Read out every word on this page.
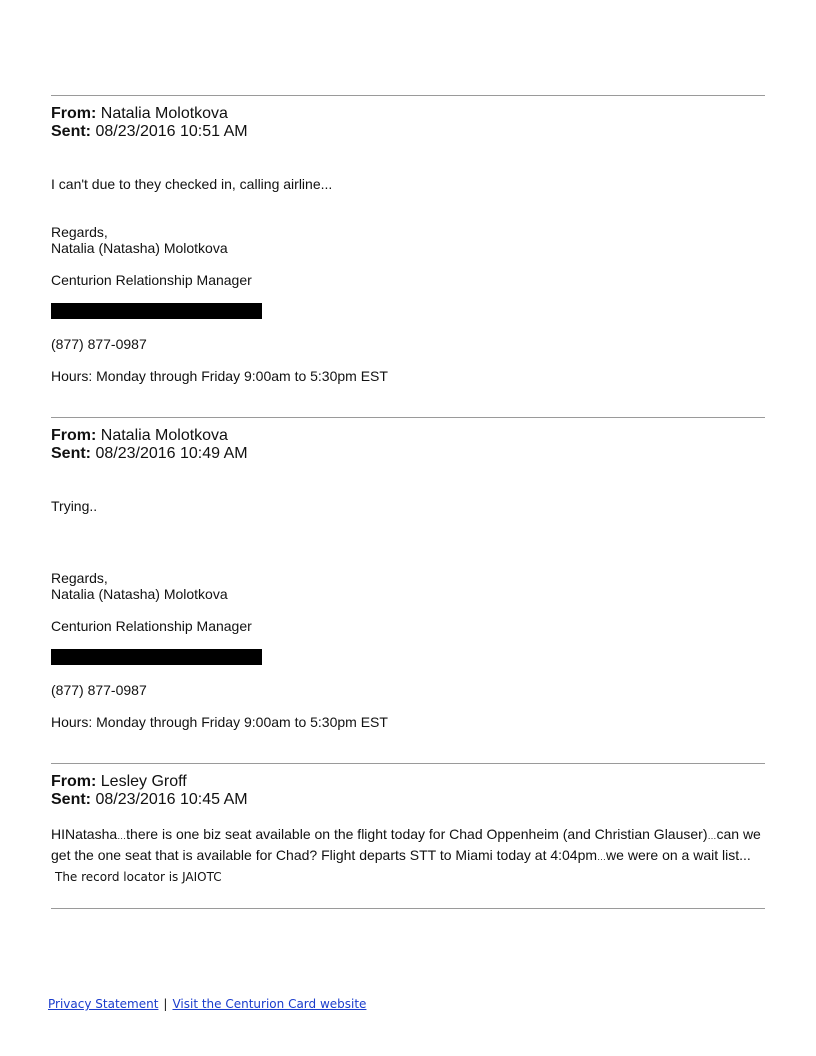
From: Natalia Molotkova
Sent: 08/23/2016 10:51 AM
I can't due to they checked in, calling airline...
Regards,
Natalia (Natasha) Molotkova
Centurion Relationship Manager
(877) 877-0987
Hours: Monday through Friday 9:00am to 5:30pm EST
From: Natalia Molotkova
Sent: 08/23/2016 10:49 AM
Trying..
Regards,
Natalia (Natasha) Molotkova
Centurion Relationship Manager
(877) 877-0987
Hours: Monday through Friday 9:00am to 5:30pm EST
From: Lesley Groff
Sent: 08/23/2016 10:45 AM
HINatasha…there is one biz seat available on the flight today for Chad Oppenheim (and Christian Glauser)…can we get the one seat that is available for Chad? Flight departs STT to Miami today at 4:04pm…we were on a wait list...
The record locator is JAIOTC
Privacy Statement | Visit the Centurion Card website
